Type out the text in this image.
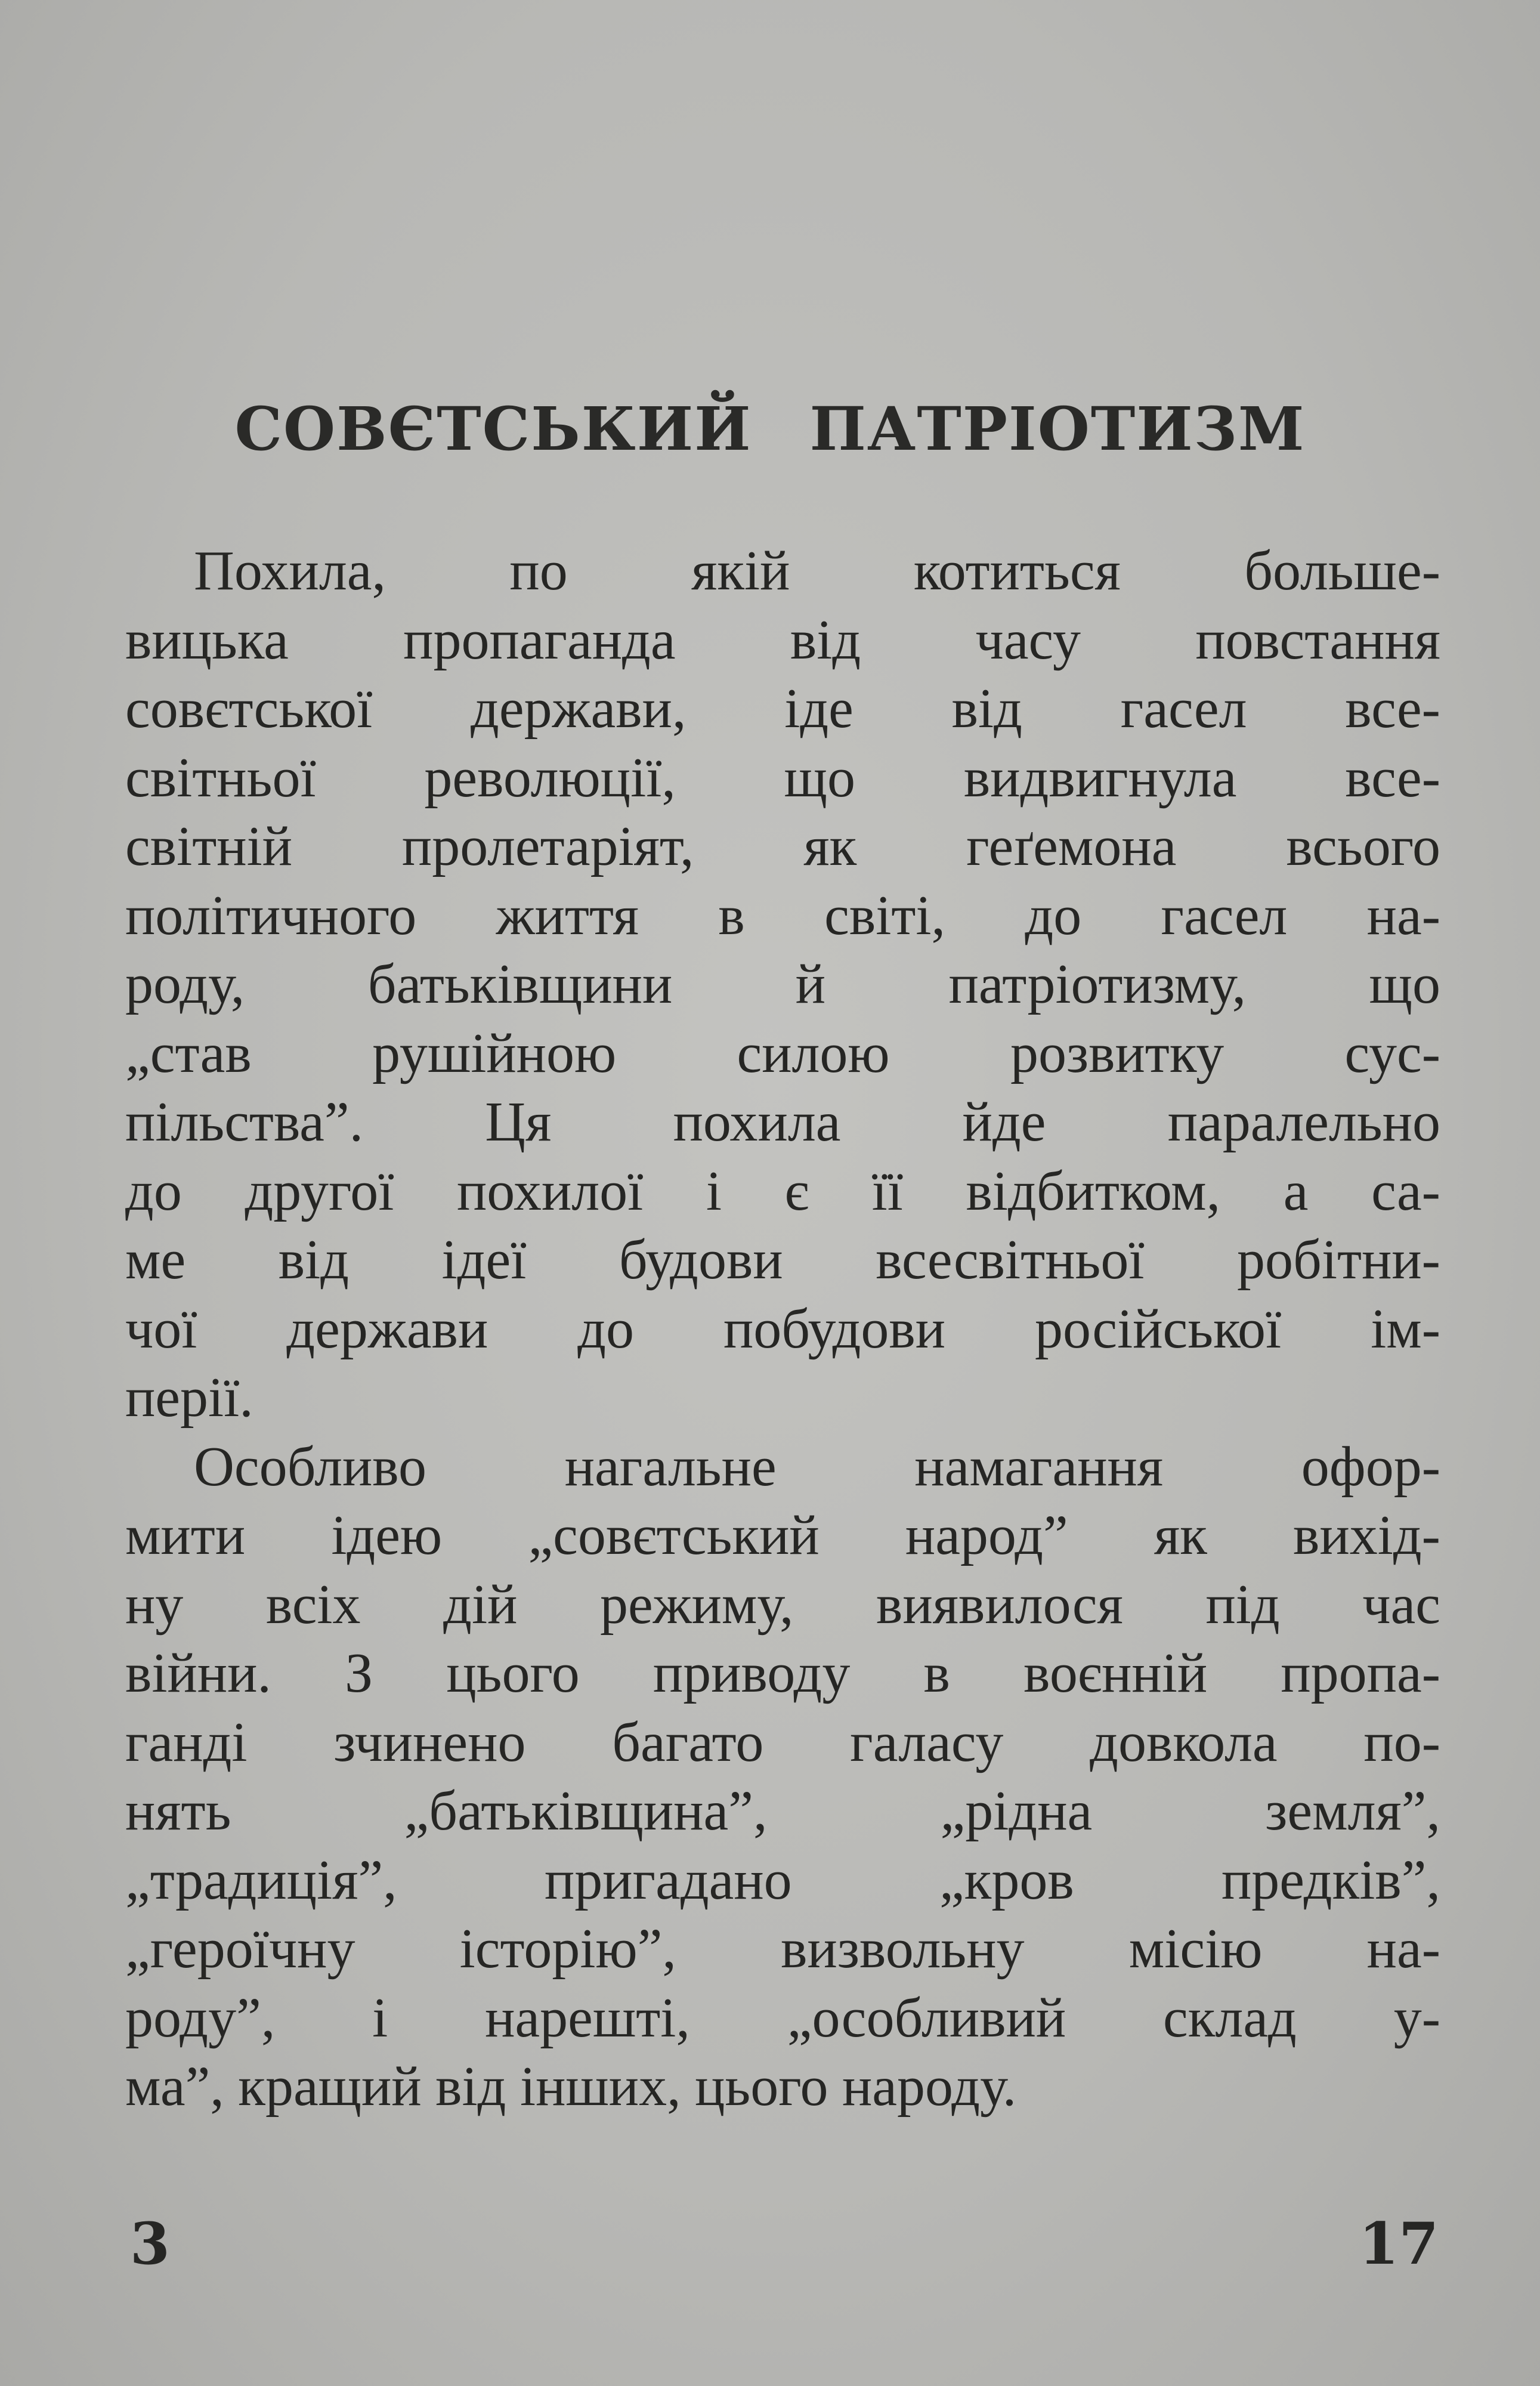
СОВЄТСЬКИЙ ПАТРІОТИЗМ
Похила, по якій котиться больше-
вицька пропаганда від часу повстання
совєтської держави, іде від гасел все-
світньої революції, що видвигнула все-
світній пролетаріят, як геґемона всього
політичного життя в світі, до гасел на-
роду, батьківщини й патріотизму, що
„став рушійною силою розвитку сус-
пільства”. Ця похила йде паралельно
до другої похилої і є її відбитком, а са-
ме від ідеї будови всесвітньої робітни-
чої держави до побудови російської ім-
перії.
Особливо нагальне намагання офор-
мити ідею „совєтський народ” як вихід-
ну всіх дій режиму, виявилося під час
війни. З цього приводу в воєнній пропа-
ганді зчинено багато галасу довкола по-
нять „батьківщина”, „рідна земля”,
„традиція”, пригадано „кров предків”,
„героїчну історію”, визвольну місію на-
роду”, і нарешті, „особливий склад у-
ма”, кращий від інших, цього народу.
3	17
